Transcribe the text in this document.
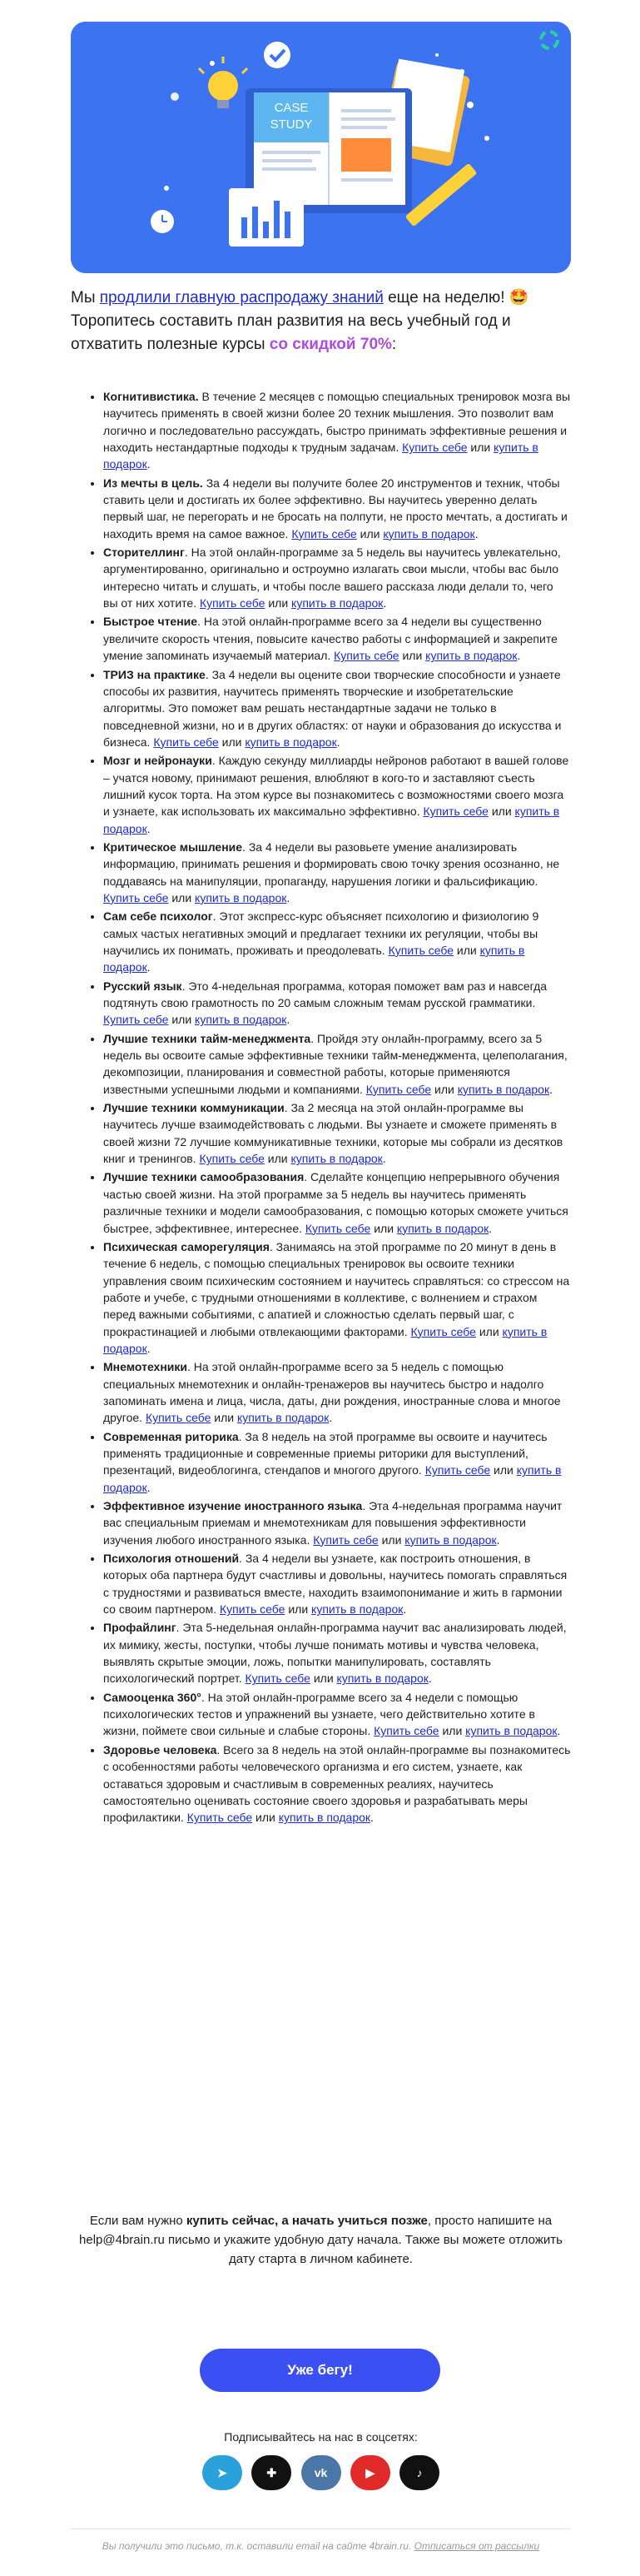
CASE
STUDY

Мы продлили главную распродажу знаний еще на неделю! 🤩 Торопитесь составить план развития на весь учебный год и отхватить полезные курсы со скидкой 70%:

• Когнитивистика. В течение 2 месяцев с помощью специальных тренировок мозга вы научитесь применять в своей жизни более 20 техник мышления. Это позволит вам логично и последовательно рассуждать, быстро принимать эффективные решения и находить нестандартные подходы к трудным задачам. Купить себе или купить в подарок.
• Из мечты в цель. За 4 недели вы получите более 20 инструментов и техник, чтобы ставить цели и достигать их более эффективно. Вы научитесь уверенно делать первый шаг, не перегорать и не бросать на полпути, не просто мечтать, а достигать и находить время на самое важное. Купить себе или купить в подарок.
• Сторителлинг. На этой онлайн-программе за 5 недель вы научитесь увлекательно, аргументированно, оригинально и остроумно излагать свои мысли, чтобы вас было интересно читать и слушать, и чтобы после вашего рассказа люди делали то, чего вы от них хотите. Купить себе или купить в подарок.
• Быстрое чтение. На этой онлайн-программе всего за 4 недели вы существенно увеличите скорость чтения, повысите качество работы с информацией и закрепите умение запоминать изучаемый материал. Купить себе или купить в подарок.
• ТРИЗ на практике. За 4 недели вы оцените свои творческие способности и узнаете способы их развития, научитесь применять творческие и изобретательские алгоритмы. Это поможет вам решать нестандартные задачи не только в повседневной жизни, но и в других областях: от науки и образования до искусства и бизнеса. Купить себе или купить в подарок.
• Мозг и нейронауки. Каждую секунду миллиарды нейронов работают в вашей голове – учатся новому, принимают решения, влюбляют в кого-то и заставляют съесть лишний кусок торта. На этом курсе вы познакомитесь с возможностями своего мозга и узнаете, как использовать их максимально эффективно. Купить себе или купить в подарок.
• Критическое мышление. За 4 недели вы разовьете умение анализировать информацию, принимать решения и формировать свою точку зрения осознанно, не поддаваясь на манипуляции, пропаганду, нарушения логики и фальсификацию. Купить себе или купить в подарок.
• Сам себе психолог. Этот экспресс-курс объясняет психологию и физиологию 9 самых частых негативных эмоций и предлагает техники их регуляции, чтобы вы научились их понимать, проживать и преодолевать. Купить себе или купить в подарок.
• Русский язык. Это 4-недельная программа, которая поможет вам раз и навсегда подтянуть свою грамотность по 20 самым сложным темам русской грамматики. Купить себе или купить в подарок.
• Лучшие техники тайм-менеджмента. Пройдя эту онлайн-программу, всего за 5 недель вы освоите самые эффективные техники тайм-менеджмента, целеполагания, декомпозиции, планирования и совместной работы, которые применяются известными успешными людьми и компаниями. Купить себе или купить в подарок.
• Лучшие техники коммуникации. За 2 месяца на этой онлайн-программе вы научитесь лучше взаимодействовать с людьми. Вы узнаете и сможете применять в своей жизни 72 лучшие коммуникативные техники, которые мы собрали из десятков книг и тренингов. Купить себе или купить в подарок.
• Лучшие техники самообразования. Сделайте концепцию непрерывного обучения частью своей жизни. На этой программе за 5 недель вы научитесь применять различные техники и модели самообразования, с помощью которых сможете учиться быстрее, эффективнее, интереснее. Купить себе или купить в подарок.
• Психическая саморегуляция. Занимаясь на этой программе по 20 минут в день в течение 6 недель, с помощью специальных тренировок вы освоите техники управления своим психическим состоянием и научитесь справляться: со стрессом на работе и учебе, с трудными отношениями в коллективе, с волнением и страхом перед важными событиями, с апатией и сложностью сделать первый шаг, с прокрастинацией и любыми отвлекающими факторами. Купить себе или купить в подарок.
• Мнемотехники. На этой онлайн-программе всего за 5 недель с помощью специальных мнемотехник и онлайн-тренажеров вы научитесь быстро и надолго запоминать имена и лица, числа, даты, дни рождения, иностранные слова и многое другое. Купить себе или купить в подарок.
• Современная риторика. За 8 недель на этой программе вы освоите и научитесь применять традиционные и современные приемы риторики для выступлений, презентаций, видеоблогинга, стендапов и многого другого. Купить себе или купить в подарок.
• Эффективное изучение иностранного языка. Эта 4-недельная программа научит вас специальным приемам и мнемотехникам для повышения эффективности изучения любого иностранного языка. Купить себе или купить в подарок.
• Психология отношений. За 4 недели вы узнаете, как построить отношения, в которых оба партнера будут счастливы и довольны, научитесь помогать справляться с трудностями и развиваться вместе, находить взаимопонимание и жить в гармонии со своим партнером. Купить себе или купить в подарок.
• Профайлинг. Эта 5-недельная онлайн-программа научит вас анализировать людей, их мимику, жесты, поступки, чтобы лучше понимать мотивы и чувства человека, выявлять скрытые эмоции, ложь, попытки манипулировать, составлять психологический портрет. Купить себе или купить в подарок.
• Самооценка 360°. На этой онлайн-программе всего за 4 недели с помощью психологических тестов и упражнений вы узнаете, чего действительно хотите в жизни, поймете свои сильные и слабые стороны. Купить себе или купить в подарок.
• Здоровье человека. Всего за 8 недель на этой онлайн-программе вы познакомитесь с особенностями работы человеческого организма и его систем, узнаете, как оставаться здоровым и счастливым в современных реалиях, научитесь самостоятельно оценивать состояние своего здоровья и разрабатывать меры профилактики. Купить себе или купить в подарок.

Если вам нужно купить сейчас, а начать учиться позже, просто напишите на help@4brain.ru письмо и укажите удобную дату начала. Также вы можете отложить дату старта в личном кабинете.

Уже бегу!

Подписывайтесь на нас в соцсетях:

➤	✚	vk	▶	♪

Вы получили это письмо, т.к. оставили email на сайте 4brain.ru. Отписаться от рассылки
